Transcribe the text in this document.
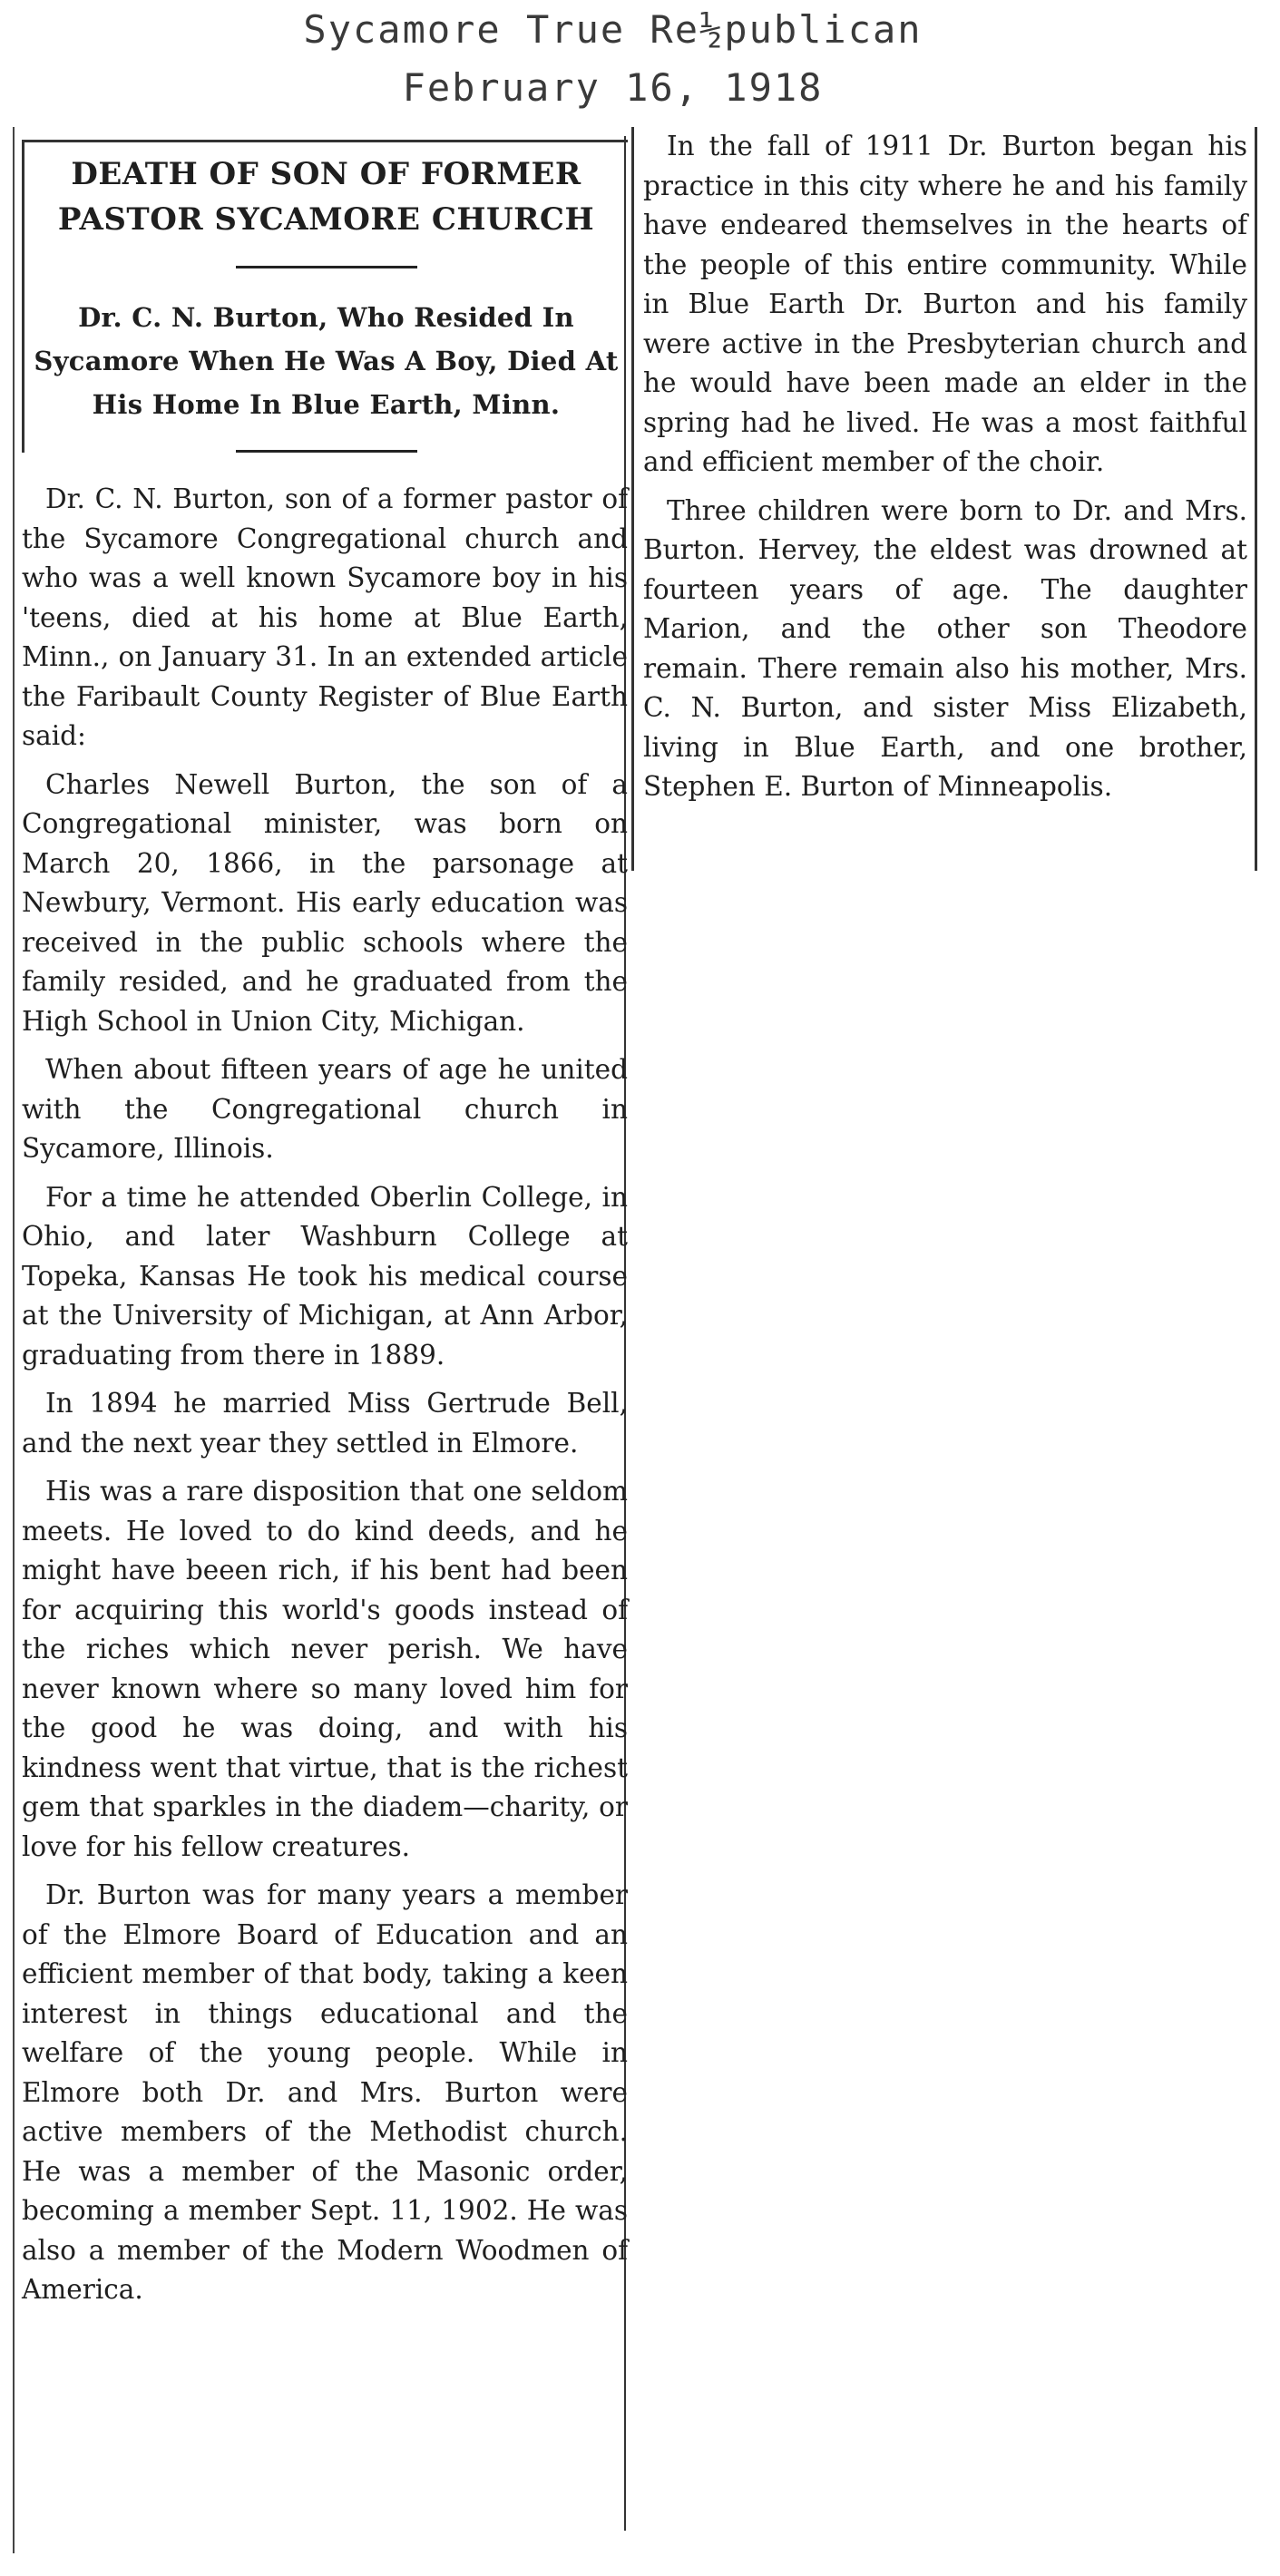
Sycamore True Re½publican
February 16, 1918
DEATH OF SON OF FORMER PASTOR SYCAMORE CHURCH

Dr. C. N. Burton, Who Resided In Sycamore When He Was A Boy, Died At His Home In Blue Earth, Minn.

Dr. C. N. Burton, son of a former pastor of the Sycamore Congregational church and who was a well known Sycamore boy in his 'teens, died at his home at Blue Earth, Minn., on January 31. In an extended article the Faribault County Register of Blue Earth said:

Charles Newell Burton, the son of a Congregational minister, was born on March 20, 1866, in the parsonage at Newbury, Vermont. His early education was received in the public schools where the family resided, and he graduated from the High School in Union City, Michigan.

When about fifteen years of age he united with the Congregational church in Sycamore, Illinois.

For a time he attended Oberlin College, in Ohio, and later Washburn College at Topeka, Kansas He took his medical course at the University of Michigan, at Ann Arbor, graduating from there in 1889.

In 1894 he married Miss Gertrude Bell, and the next year they settled in Elmore.

His was a rare disposition that one seldom meets. He loved to do kind deeds, and he might have beeen rich, if his bent had been for acquiring this world's goods instead of the riches which never perish. We have never known where so many loved him for the good he was doing, and with his kindness went that virtue, that is the richest gem that sparkles in the diadem—charity, or love for his fellow creatures.

Dr. Burton was for many years a member of the Elmore Board of Education and an efficient member of that body, taking a keen interest in things educational and the welfare of the young people. While in Elmore both Dr. and Mrs. Burton were active members of the Methodist church. He was a member of the Masonic order, becoming a member Sept. 11, 1902. He was also a member of the Modern Woodmen of America.

In the fall of 1911 Dr. Burton began his practice in this city where he and his family have endeared themselves in the hearts of the people of this entire community. While in Blue Earth Dr. Burton and his family were active in the Presbyterian church and he would have been made an elder in the spring had he lived. He was a most faithful and efficient member of the choir.

Three children were born to Dr. and Mrs. Burton. Hervey, the eldest was drowned at fourteen years of age. The daughter Marion, and the other son Theodore remain. There remain also his mother, Mrs. C. N. Burton, and sister Miss Elizabeth, living in Blue Earth, and one brother, Stephen E. Burton of Minneapolis.
